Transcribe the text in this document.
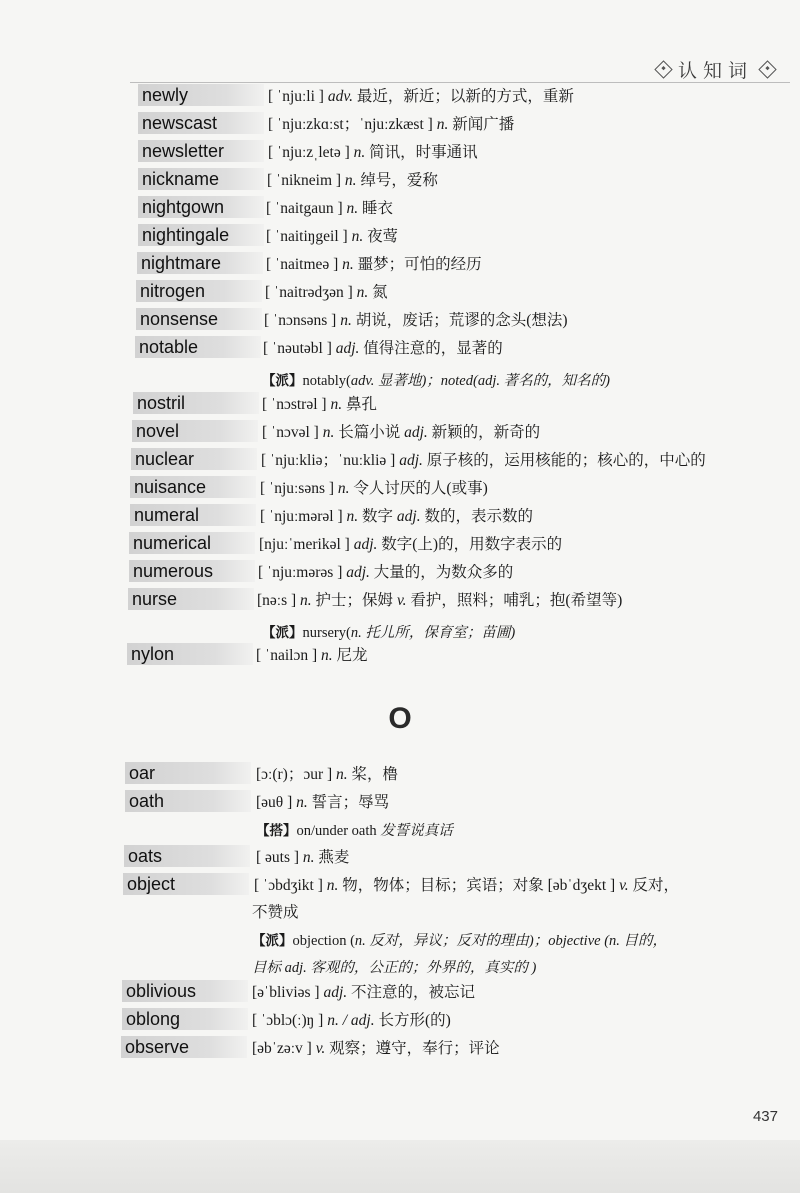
认知词
newly	[ ˈnjuːli ] adv. 最近，新近；以新的方式，重新
newscast	[ ˈnjuːzkɑːst；ˈnjuːzkæst ] n. 新闻广播
newsletter	[ ˈnjuːzˌletə ] n. 简讯，时事通讯
nickname	[ ˈnikneim ] n. 绰号，爱称
nightgown	[ ˈnaitgaun ] n. 睡衣
nightingale	[ ˈnaitiŋgeil ] n. 夜莺
nightmare	[ ˈnaitmeə ] n. 噩梦；可怕的经历
nitrogen	[ ˈnaitrədʒən ] n. 氮
nonsense	[ ˈnɔnsəns ] n. 胡说，废话；荒谬的念头(想法)
notable	[ ˈnəutəbl ] adj. 值得注意的，显著的
nostril	[ ˈnɔstrəl ] n. 鼻孔
novel	[ ˈnɔvəl ] n. 长篇小说 adj. 新颖的，新奇的
nuclear	[ ˈnjuːkliə；ˈnuːkliə ] adj. 原子核的，运用核能的；核心的，中心的
nuisance	[ ˈnjuːsəns ] n. 令人讨厌的人(或事)
numeral	[ ˈnjuːmərəl ] n. 数字 adj. 数的，表示数的
numerical	[njuːˈmerikəl ] adj. 数字(上)的，用数字表示的
numerous	[ ˈnjuːmərəs ] adj. 大量的，为数众多的
nurse	[nəːs ] n. 护士；保姆 v. 看护，照料；哺乳；抱(希望等)
nylon	[ ˈnailɔn ] n. 尼龙
【派】notably(adv. 显著地)；noted(adj. 著名的，知名的)
【派】nursery(n. 托儿所，保育室；苗圃)
O
oar	[ɔː(r)；ɔur ] n. 桨，橹
oath	[əuθ ] n. 誓言；辱骂
oats	[ əuts ] n. 燕麦
object	[ ˈɔbdʒikt ] n. 物，物体；目标；宾语；对象 [əbˈdʒekt ] v. 反对，
oblivious	[əˈbliviəs ] adj. 不注意的，被忘记
oblong	[ ˈɔblɔ(ː)ŋ ] n. / adj. 长方形(的)
observe	[əbˈzəːv ] v. 观察；遵守，奉行；评论
【搭】on/under oath 发誓说真话
不赞成
【派】objection (n. 反对，异议；反对的理由)；objective (n. 目的，
目标 adj. 客观的，公正的；外界的，真实的 )
437
